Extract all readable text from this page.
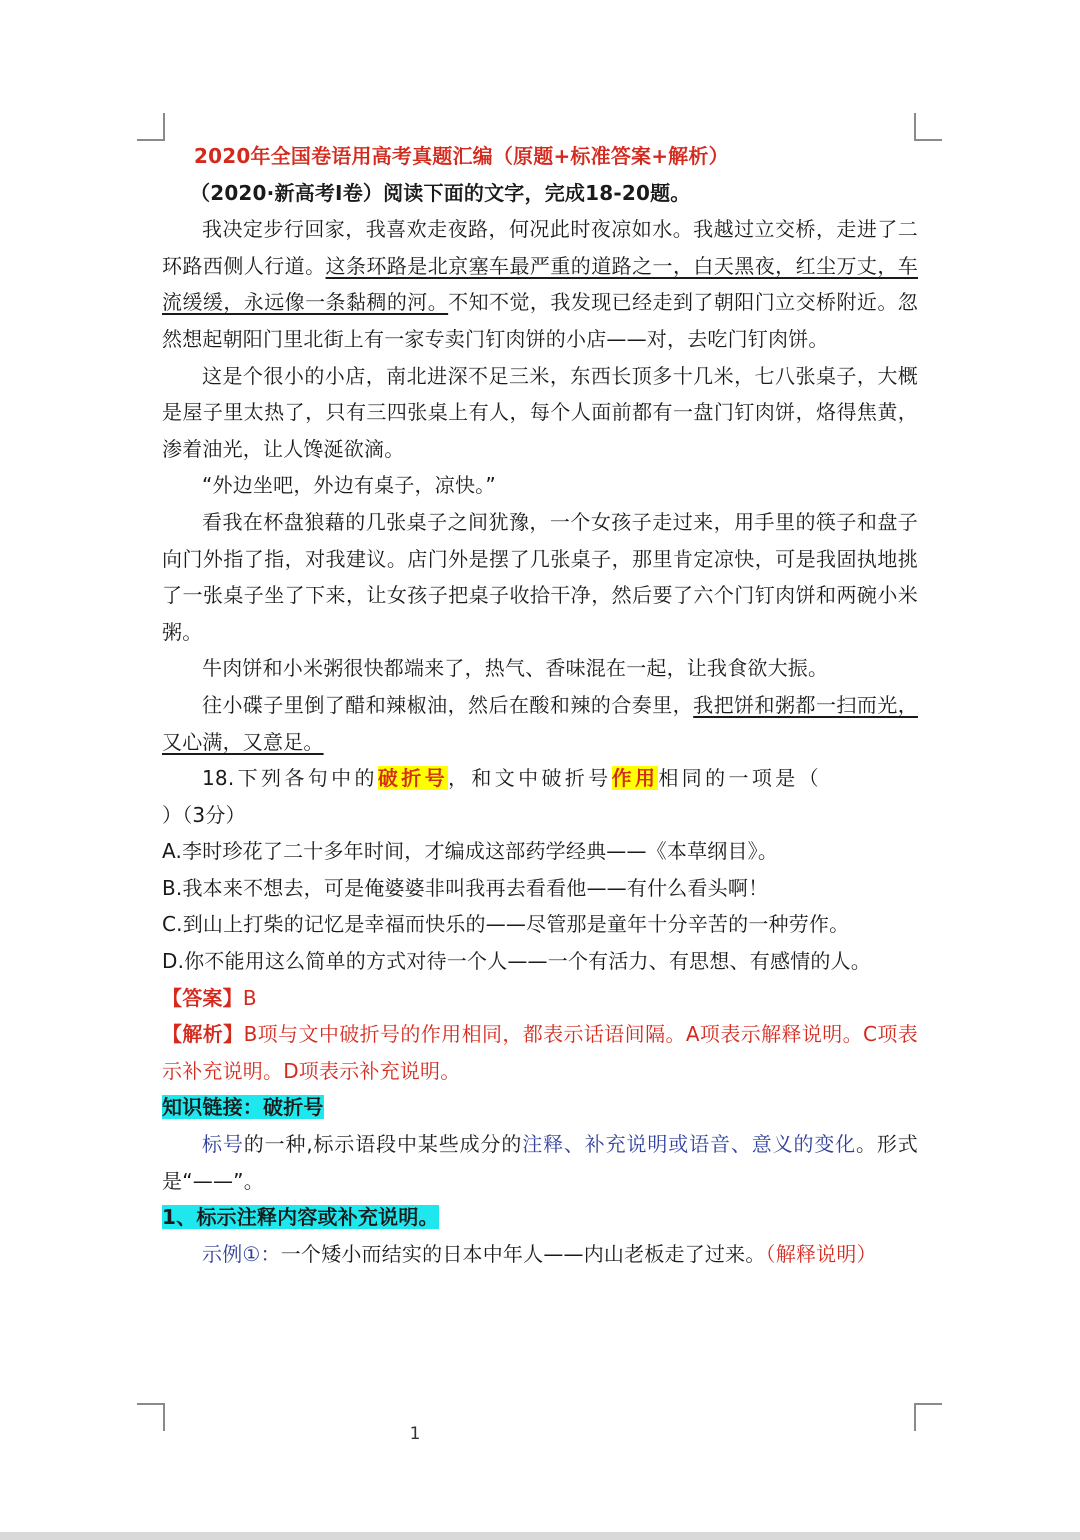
2020年全国卷语用高考真题汇编（原题+标准答案+解析）

（2020·新高考Ⅰ卷）阅读下面的文字，完成18-20题。

我决定步行回家，我喜欢走夜路，何况此时夜凉如水。我越过立交桥，走进了二环路西侧人行道。这条环路是北京塞车最严重的道路之一，白天黑夜，红尘万丈，车流缓缓，永远像一条黏稠的河。不知不觉，我发现已经走到了朝阳门立交桥附近。忽然想起朝阳门里北街上有一家专卖门钉肉饼的小店——对，去吃门钉肉饼。

这是个很小的小店，南北进深不足三米，东西长顶多十几米，七八张桌子，大概是屋子里太热了，只有三四张桌上有人，每个人面前都有一盘门钉肉饼，烙得焦黄，渗着油光，让人馋涎欲滴。

“外边坐吧，外边有桌子，凉快。”

看我在杯盘狼藉的几张桌子之间犹豫，一个女孩子走过来，用手里的筷子和盘子向门外指了指，对我建议。店门外是摆了几张桌子，那里肯定凉快，可是我固执地挑了一张桌子坐了下来，让女孩子把桌子收拾干净，然后要了六个门钉肉饼和两碗小米粥。

牛肉饼和小米粥很快都端来了，热气、香味混在一起，让我食欲大振。

往小碟子里倒了醋和辣椒油，然后在酸和辣的合奏里，我把饼和粥都一扫而光，又心满，又意足。

18.下列各句中的破折号，和文中破折号作用相同的一项是（）（3分）

A.李时珍花了二十多年时间，才编成这部药学经典——《本草纲目》。

B.我本来不想去，可是俺婆婆非叫我再去看看他——有什么看头啊！

C.到山上打柴的记忆是幸福而快乐的——尽管那是童年十分辛苦的一种劳作。

D.你不能用这么简单的方式对待一个人——一个有活力、有思想、有感情的人。

【答案】B

【解析】B项与文中破折号的作用相同，都表示话语间隔。A项表示解释说明。C项表示补充说明。D项表示补充说明。

知识链接：破折号

标号的一种,标示语段中某些成分的注释、补充说明或语音、意义的变化。形式是“——”。

1、标示注释内容或补充说明。

示例①：一个矮小而结实的日本中年人——内山老板走了过来。（解释说明）

1
